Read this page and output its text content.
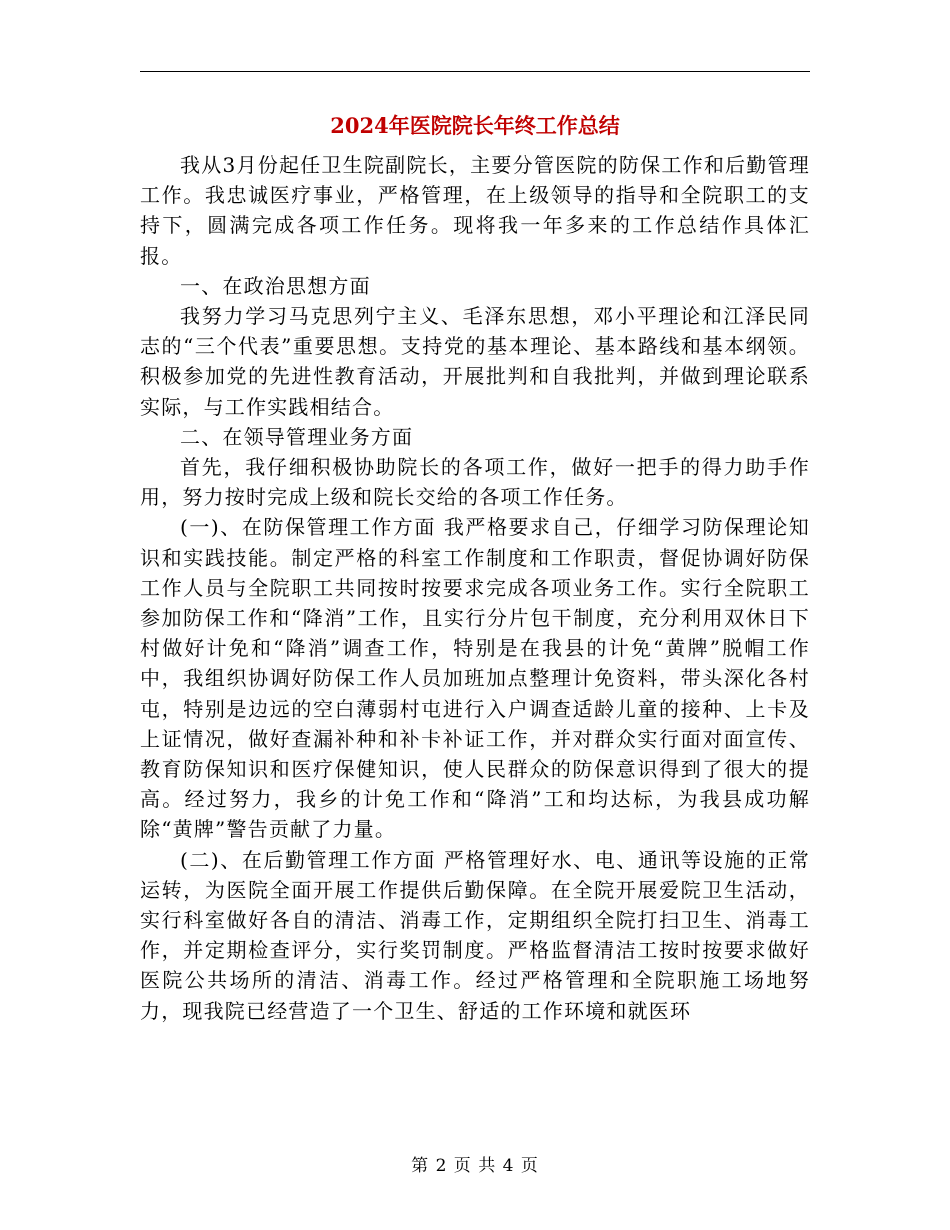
2024年医院院长年终工作总结

我从3月份起任卫生院副院长，主要分管医院的防保工作和后勤管理工作。我忠诚医疗事业，严格管理，在上级领导的指导和全院职工的支持下，圆满完成各项工作任务。现将我一年多来的工作总结作具体汇报。

一、在政治思想方面

我努力学习马克思列宁主义、毛泽东思想，邓小平理论和江泽民同志的“三个代表”重要思想。支持党的基本理论、基本路线和基本纲领。积极参加党的先进性教育活动，开展批判和自我批判，并做到理论联系实际，与工作实践相结合。

二、在领导管理业务方面

首先，我仔细积极协助院长的各项工作，做好一把手的得力助手作用，努力按时完成上级和院长交给的各项工作任务。

(一)、在防保管理工作方面 我严格要求自己，仔细学习防保理论知识和实践技能。制定严格的科室工作制度和工作职责，督促协调好防保工作人员与全院职工共同按时按要求完成各项业务工作。实行全院职工参加防保工作和“降消”工作，且实行分片包干制度，充分利用双休日下村做好计免和“降消”调查工作，特别是在我县的计免“黄牌”脱帽工作中，我组织协调好防保工作人员加班加点整理计免资料，带头深化各村屯，特别是边远的空白薄弱村屯进行入户调查适龄儿童的接种、上卡及上证情况，做好查漏补种和补卡补证工作，并对群众实行面对面宣传、教育防保知识和医疗保健知识，使人民群众的防保意识得到了很大的提高。经过努力，我乡的计免工作和“降消”工和均达标，为我县成功解除“黄牌”警告贡献了力量。

(二)、在后勤管理工作方面 严格管理好水、电、通讯等设施的正常运转，为医院全面开展工作提供后勤保障。在全院开展爱院卫生活动，实行科室做好各自的清洁、消毒工作，定期组织全院打扫卫生、消毒工作，并定期检查评分，实行奖罚制度。严格监督清洁工按时按要求做好医院公共场所的清洁、消毒工作。经过严格管理和全院职施工场地努力，现我院已经营造了一个卫生、舒适的工作环境和就医环

第 2 页 共 4 页
